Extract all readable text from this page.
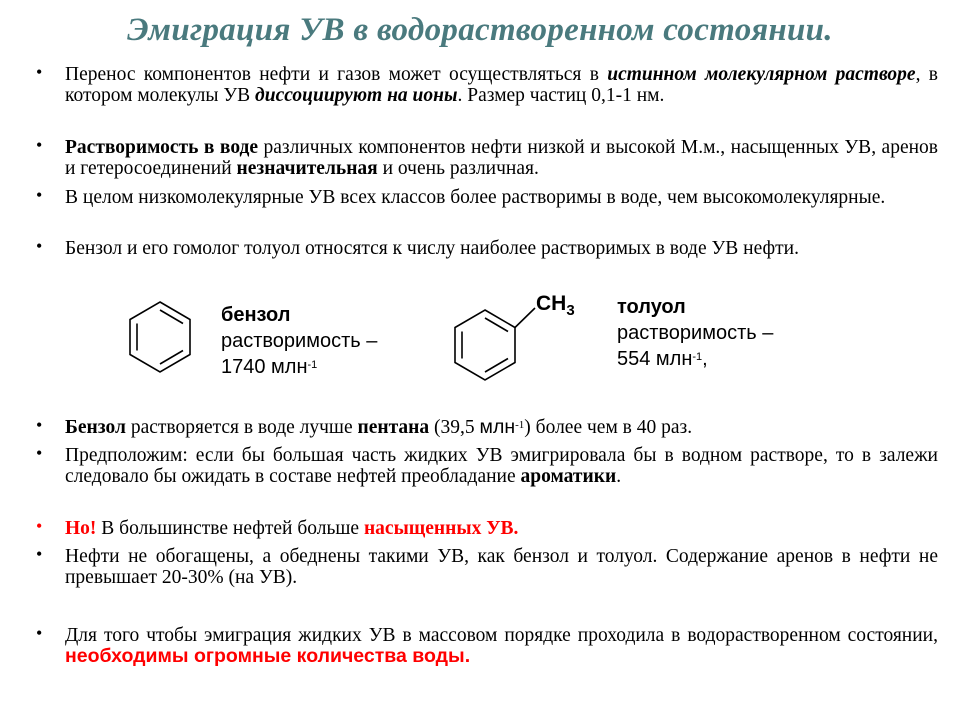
Эмиграция УВ в водорастворенном состоянии.
• Перенос компонентов нефти и газов может осуществляться в истинном молекулярном растворе, в котором молекулы УВ диссоциируют на ионы. Размер частиц 0,1-1 нм.
• Растворимость в воде различных компонентов нефти низкой и высокой М.м., насыщенных УВ, аренов и гетеросоединений незначительная и очень различная.
• В целом низкомолекулярные УВ всех классов более растворимы в воде, чем высокомолекулярные.
• Бензол и его гомолог толуол относятся к числу наиболее растворимых в воде УВ нефти.
бензол
растворимость –
1740 млн$^{-1}$
$CH_3$ толуол
растворимость –
554 млн$^{-1}$,
• Бензол растворяется в воде лучше пентана (39,5 млн$^{-1}$) более чем в 40 раз.
• Предположим: если бы большая часть жидких УВ эмигрировала бы в водном растворе, то в залежи следовало бы ожидать в составе нефтей преобладание ароматики.
• Но! В большинстве нефтей больше насыщенных УВ.
• Нефти не обогащены, а обеднены такими УВ, как бензол и толуол. Содержание аренов в нефти не превышает 20-30% (на УВ).
• Для того чтобы эмиграция жидких УВ в массовом порядке проходила в водорастворенном состоянии, необходимы огромные количества воды.
